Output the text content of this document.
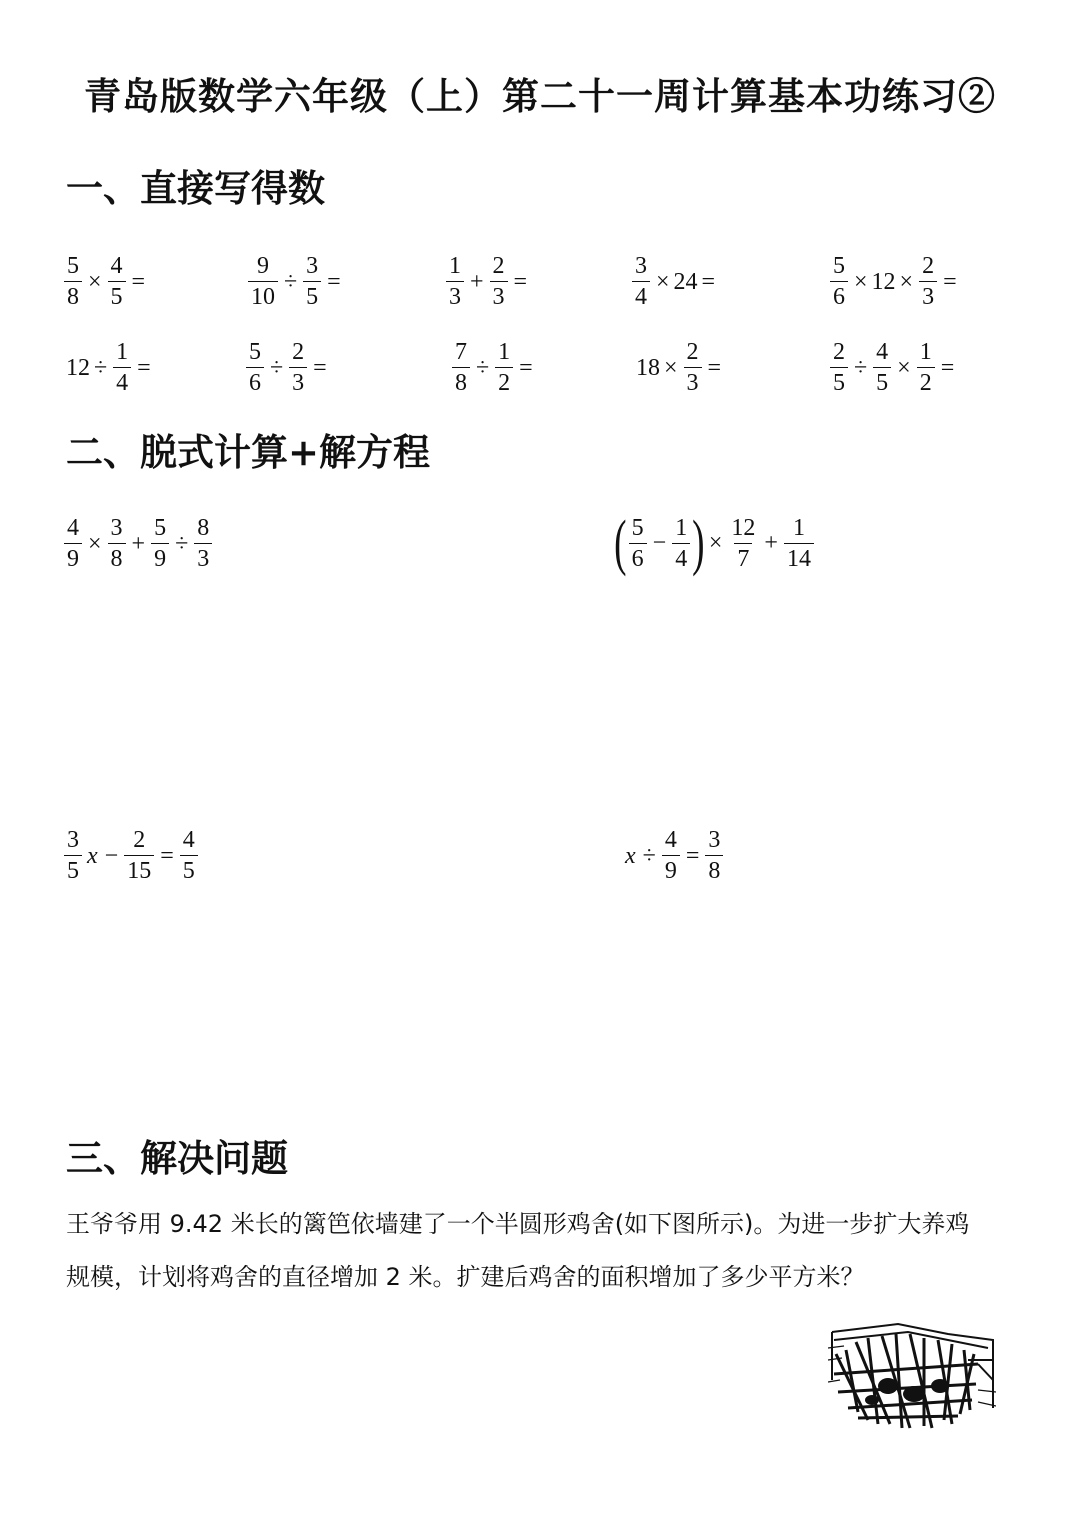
青岛版数学六年级（上）第二十一周计算基本功练习②
一、直接写得数
二、脱式计算+解方程
三、解决问题
$\frac{5}{8} \times \frac{4}{5}$ =	$\frac{9}{10} \div \frac{3}{5}$ =	$\frac{1}{3} + \frac{2}{3}$ =	$\frac{3}{4} \times 24$ =	$\frac{5}{6} \times 12 \times \frac{2}{3}$ =
$12 \div \frac{1}{4}$ =	$\frac{5}{6} \div \frac{2}{3}$ =	$\frac{7}{8} \div \frac{1}{2}$ =	$18 \times \frac{2}{3}$ =	$\frac{2}{5} \div \frac{4}{5} \times \frac{1}{2}$ =
$\frac{4}{9} \times \frac{3}{8} + \frac{5}{9} \div \frac{8}{3}$	( $\frac{5}{6} - \frac{1}{4}$ ) × $\frac{12}{7} + \frac{1}{14}$
$\frac{3}{5}$ $x - \frac{2}{15} = \frac{4}{5}$	$x \div \frac{4}{9} = \frac{3}{8}$

王爷爷用 9.42 米长的篱笆依墙建了一个半圆形鸡舍(如下图所示)。为进一步扩大养鸡

规模，计划将鸡舍的直径增加 2 米。扩建后鸡舍的面积增加了多少平方米？
